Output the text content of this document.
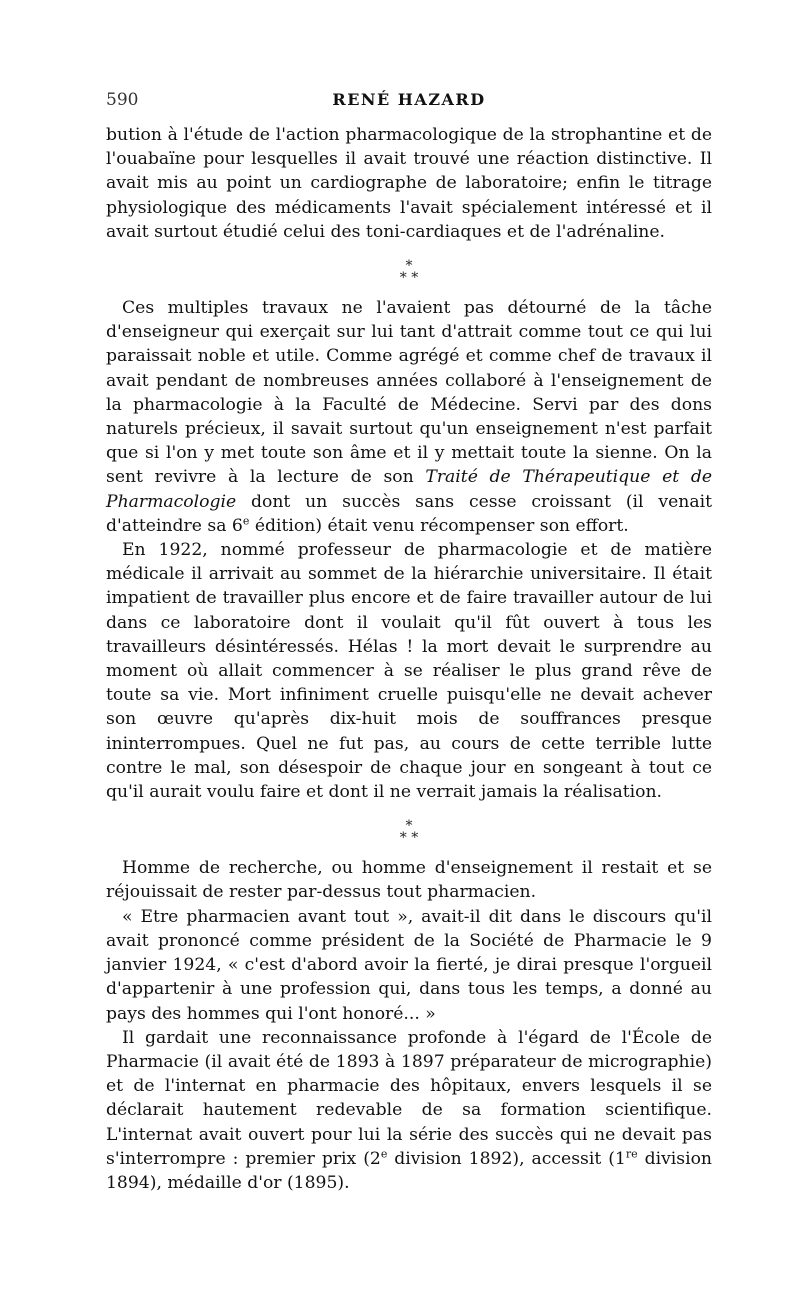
590	RENÉ HAZARD

bution à l'étude de l'action pharmacologique de la strophantine et de l'ouabaïne pour lesquelles il avait trouvé une réaction distinctive. Il avait mis au point un cardiographe de laboratoire; enfin le titrage physiologique des médicaments l'avait spécialement intéressé et il avait surtout étudié celui des toni-cardiaques et de l'adrénaline.

*
* *

Ces multiples travaux ne l'avaient pas détourné de la tâche d'enseigneur qui exerçait sur lui tant d'attrait comme tout ce qui lui paraissait noble et utile. Comme agrégé et comme chef de travaux il avait pendant de nombreuses années collaboré à l'enseignement de la pharmacologie à la Faculté de Médecine. Servi par des dons naturels précieux, il savait surtout qu'un enseignement n'est parfait que si l'on y met toute son âme et il y mettait toute la sienne. On la sent revivre à la lecture de son Traité de Thérapeutique et de Pharmacologie dont un succès sans cesse croissant (il venait d'atteindre sa 6e édition) était venu récompenser son effort.

En 1922, nommé professeur de pharmacologie et de matière médicale il arrivait au sommet de la hiérarchie universitaire. Il était impatient de travailler plus encore et de faire travailler autour de lui dans ce laboratoire dont il voulait qu'il fût ouvert à tous les travailleurs désintéressés. Hélas ! la mort devait le surprendre au moment où allait commencer à se réaliser le plus grand rêve de toute sa vie. Mort infiniment cruelle puisqu'elle ne devait achever son œuvre qu'après dix-huit mois de souffrances presque ininterrompues. Quel ne fut pas, au cours de cette terrible lutte contre le mal, son désespoir de chaque jour en songeant à tout ce qu'il aurait voulu faire et dont il ne verrait jamais la réalisation.

*
* *

Homme de recherche, ou homme d'enseignement il restait et se réjouissait de rester par-dessus tout pharmacien.

« Etre pharmacien avant tout », avait-il dit dans le discours qu'il avait prononcé comme président de la Société de Pharmacie le 9 janvier 1924, « c'est d'abord avoir la fierté, je dirai presque l'orgueil d'appartenir à une profession qui, dans tous les temps, a donné au pays des hommes qui l'ont honoré... »

Il gardait une reconnaissance profonde à l'égard de l'École de Pharmacie (il avait été de 1893 à 1897 préparateur de micrographie) et de l'internat en pharmacie des hôpitaux, envers lesquels il se déclarait hautement redevable de sa formation scientifique. L'internat avait ouvert pour lui la série des succès qui ne devait pas s'interrompre : premier prix (2e division 1892), accessit (1re division 1894), médaille d'or (1895).
